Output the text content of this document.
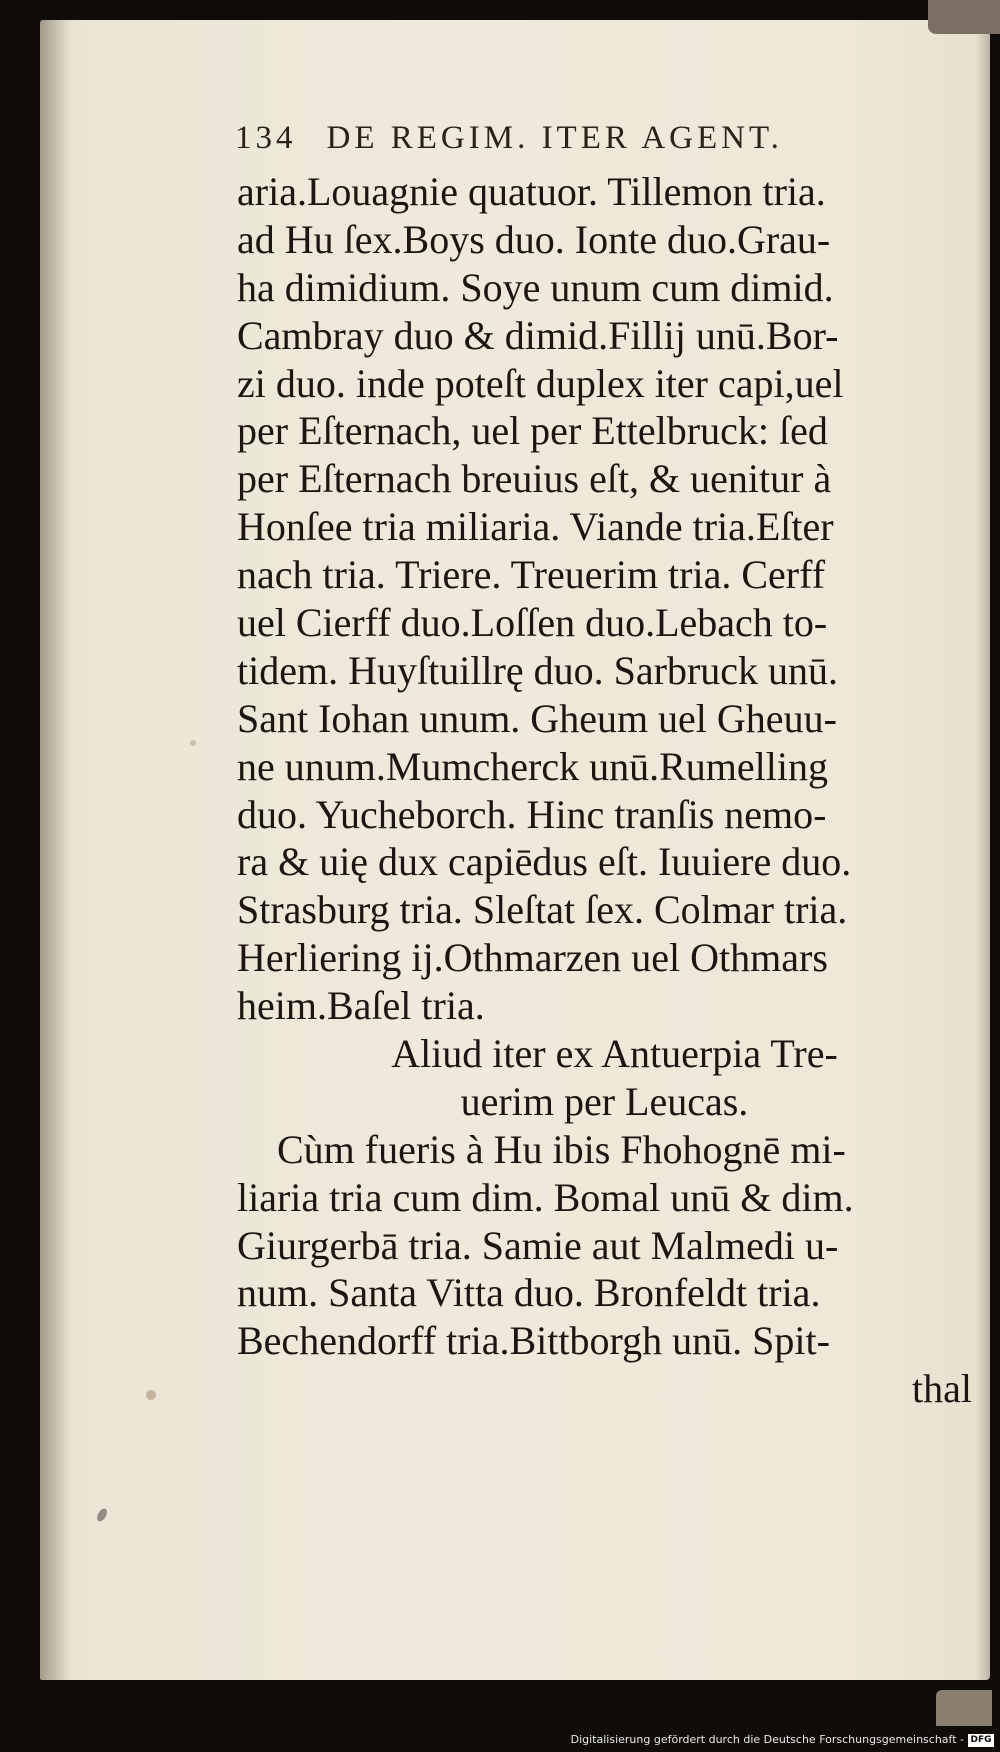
134 DE REGIM. ITER AGENT.
aria.Louagnie quatuor. Tillemon tria.
ad Hu ſex.Boys duo. Ionte duo.Grau-
ha dimidium. Soye unum cum dimid.
Cambray duo & dimid.Fillij unū.Bor-
zi duo. inde poteſt duplex iter capi,uel
per Eſternach, uel per Ettelbruck: ſed
per Eſternach breuius eſt, & uenitur à
Honſee tria miliaria. Viande tria.Eſter
nach tria. Triere. Treuerim tria. Cerff
uel Cierff duo.Loſſen duo.Lebach to-
tidem. Huyſtuillrę duo. Sarbruck unū.
Sant Iohan unum. Gheum uel Gheuu-
ne unum.Mumcherck unū.Rumelling
duo. Yucheborch. Hinc tranſis nemo-
ra & uię dux capiēdus eſt. Iuuiere duo.
Strasburg tria. Sleſtat ſex. Colmar tria.
Herliering ij.Othmarzen uel Othmars
heim.Baſel tria.
Aliud iter ex Antuerpia Tre-
uerim per Leucas.
Cùm fueris à Hu ibis Fhohognē mi-
liaria tria cum dim. Bomal unū & dim.
Giurgerbā tria. Samie aut Malmedi u-
num. Santa Vitta duo. Bronfeldt tria.
Bechendorff tria.Bittborgh unū. Spit-
thal
Digitalisierung gefördert durch die Deutsche Forschungsgemeinschaft - DFG
